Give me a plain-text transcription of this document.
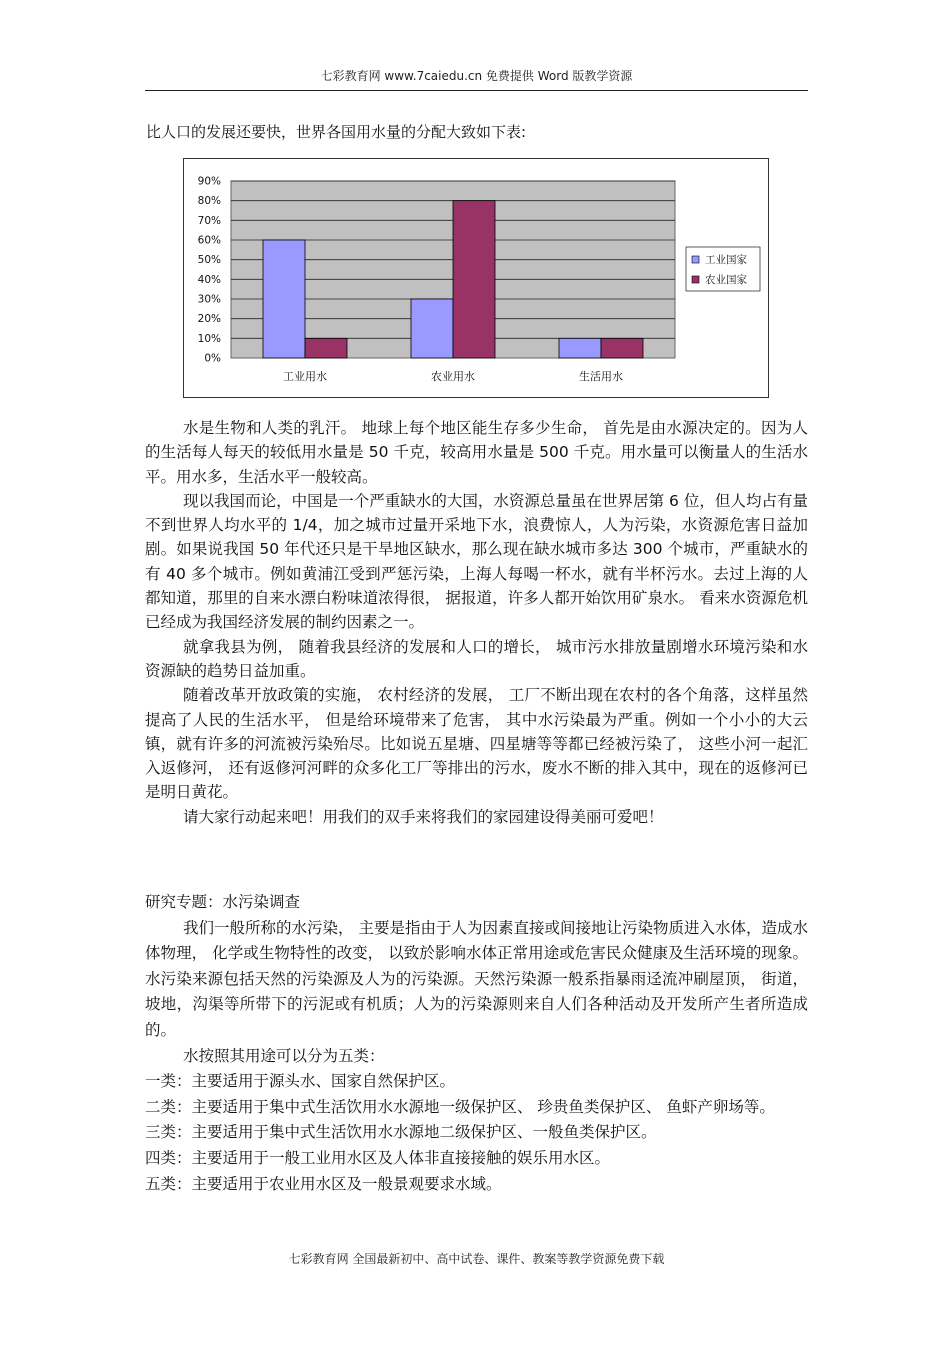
七彩教育网 www.7caiedu.cn 免费提供 Word 版教学资源

比人口的发展还要快，世界各国用水量的分配大致如下表:

0%
10%
20%
30%
40%
50%
60%
70%
80%
90%
工业用水	农业用水	生活用水
工业国家
农业国家

水是生物和人类的乳汗。 地球上每个地区能生存多少生命， 首先是由水源决定的。因为人的生活每人每天的较低用水量是 50 千克，较高用水量是 500 千克。用水量可以衡量人的生活水平。用水多，生活水平一般较高。

现以我国而论，中国是一个严重缺水的大国，水资源总量虽在世界居第 6 位，但人均占有量不到世界人均水平的 1/4，加之城市过量开采地下水，浪费惊人，人为污染，水资源危害日益加剧。如果说我国 50 年代还只是干旱地区缺水，那么现在缺水城市多达 300 个城市，严重缺水的有 40 多个城市。例如黄浦江受到严惩污染，上海人每喝一杯水，就有半杯污水。去过上海的人都知道，那里的自来水漂白粉味道浓得很， 据报道，许多人都开始饮用矿泉水。 看来水资源危机已经成为我国经济发展的制约因素之一。

就拿我县为例， 随着我县经济的发展和人口的增长， 城市污水排放量剧增水环境污染和水资源缺的趋势日益加重。

随着改革开放政策的实施， 农村经济的发展， 工厂不断出现在农村的各个角落，这样虽然提高了人民的生活水平， 但是给环境带来了危害， 其中水污染最为严重。例如一个小小的大云镇，就有许多的河流被污染殆尽。比如说五星塘、四星塘等等都已经被污染了， 这些小河一起汇入返修河， 还有返修河河畔的众多化工厂等排出的污水，废水不断的排入其中，现在的返修河已是明日黄花。

请大家行动起来吧！用我们的双手来将我们的家园建设得美丽可爱吧！

研究专题：水污染调查

我们一般所称的水污染， 主要是指由于人为因素直接或间接地让污染物质进入水体，造成水体物理， 化学或生物特性的改变， 以致於影响水体正常用途或危害民众健康及生活环境的现象。 水污染来源包括天然的污染源及人为的污染源。天然污染源一般系指暴雨迳流冲刷屋顶， 街道，坡地，沟渠等所带下的污泥或有机质；人为的污染源则来自人们各种活动及开发所产生者所造成的。

水按照其用途可以分为五类：

一类：主要适用于源头水、国家自然保护区。

二类：主要适用于集中式生活饮用水水源地一级保护区、 珍贵鱼类保护区、 鱼虾产卵场等。

三类：主要适用于集中式生活饮用水水源地二级保护区、一般鱼类保护区。

四类：主要适用于一般工业用水区及人体非直接接触的娱乐用水区。

五类：主要适用于农业用水区及一般景观要求水域。

七彩教育网 全国最新初中、高中试卷、课件、教案等教学资源免费下载
